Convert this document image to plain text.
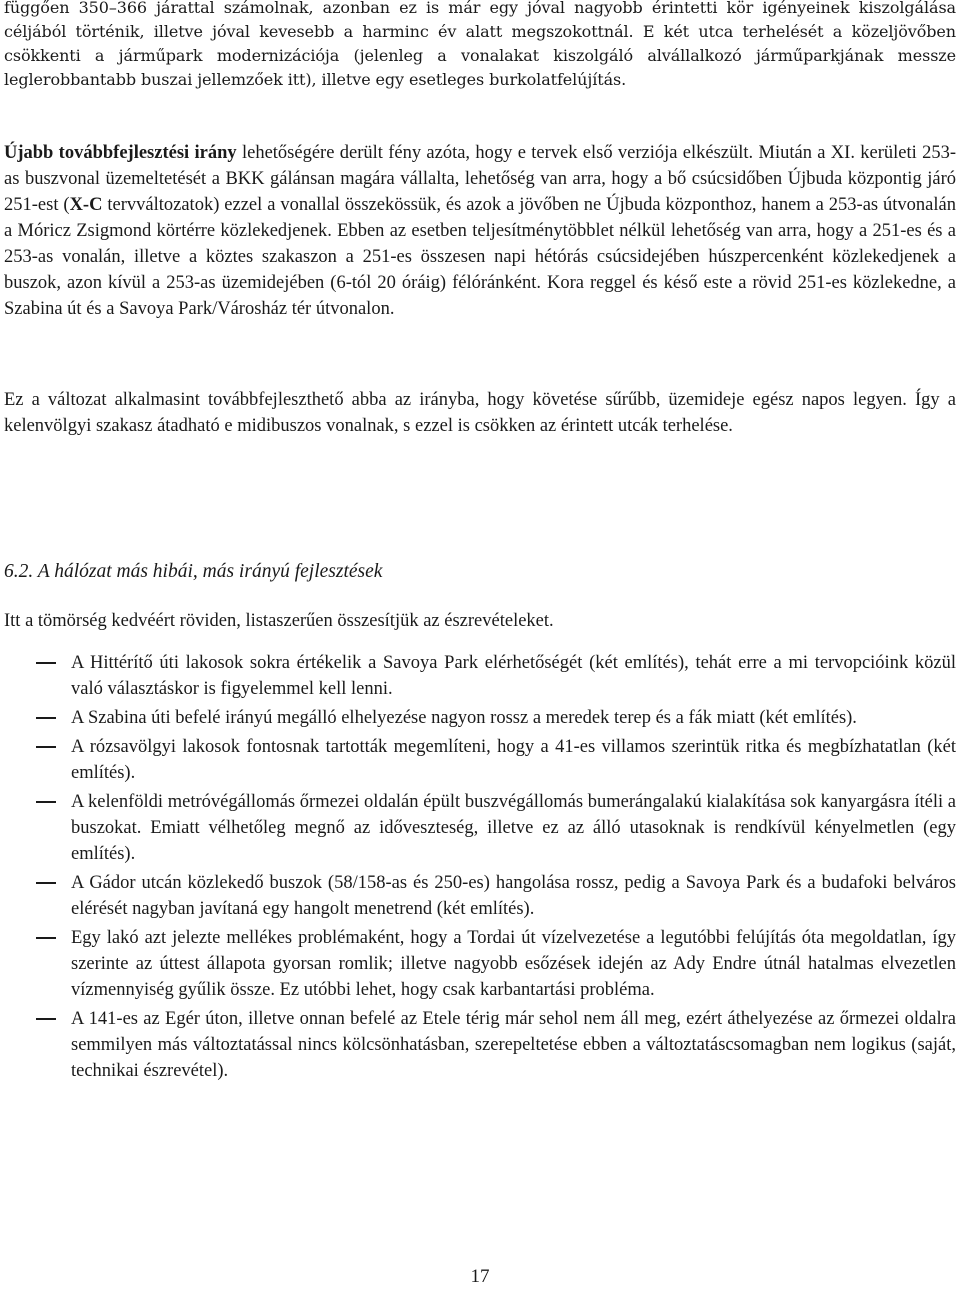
függően 350–366 járattal számolnak, azonban ez is már egy jóval nagyobb érintetti kör igényeinek kiszolgálása céljából történik, illetve jóval kevesebb a harminc év alatt megszokottnál. E két utca terhelését a közeljövőben csökkenti a járműpark modernizációja (jelenleg a vonalakat kiszolgáló alvállalkozó járműparkjának messze leglerobbantabb buszai jellemzőek itt), illetve egy esetleges burkolatfelújítás.

Újabb továbbfejlesztési irány lehetőségére derült fény azóta, hogy e tervek első verziója elkészült. Miután a XI. kerületi 253-as buszvonal üzemeltetését a BKK gálánsan magára vállalta, lehetőség van arra, hogy a bő csúcsidőben Újbuda központig járó 251-est (X-C tervváltozatok) ezzel a vonallal összekössük, és azok a jövőben ne Újbuda központhoz, hanem a 253-as útvonalán a Móricz Zsigmond körtérre közlekedjenek. Ebben az esetben teljesítménytöbblet nélkül lehetőség van arra, hogy a 251-es és a 253-as vonalán, illetve a köztes szakaszon a 251-es összesen napi hétórás csúcsidejében húszpercenként közlekedjenek a buszok, azon kívül a 253-as üzemidejében (6-tól 20 óráig) félóránként. Kora reggel és késő este a rövid 251-es közlekedne, a Szabina út és a Savoya Park/Városház tér útvonalon.

Ez a változat alkalmasint továbbfejleszthető abba az irányba, hogy követése sűrűbb, üzemideje egész napos legyen. Így a kelenvölgyi szakasz átadható e midibuszos vonalnak, s ezzel is csökken az érintett utcák terhelése.

6.2. A hálózat más hibái, más irányú fejlesztések

Itt a tömörség kedvéért röviden, listaszerűen összesítjük az észrevételeket.

A Hittérítő úti lakosok sokra értékelik a Savoya Park elérhetőségét (két említés), tehát erre a mi tervopcióink közül való választáskor is figyelemmel kell lenni.
A Szabina úti befelé irányú megálló elhelyezése nagyon rossz a meredek terep és a fák miatt (két említés).
A rózsavölgyi lakosok fontosnak tartották megemlíteni, hogy a 41-es villamos szerintük ritka és megbízhatatlan (két említés).
A kelenföldi metróvégállomás őrmezei oldalán épült buszvégállomás bumerángalakú kialakítása sok kanyargásra ítéli a buszokat. Emiatt vélhetőleg megnő az időveszteség, illetve ez az álló utasoknak is rendkívül kényelmetlen (egy említés).
A Gádor utcán közlekedő buszok (58/158-as és 250-es) hangolása rossz, pedig a Savoya Park és a budafoki belváros elérését nagyban javítaná egy hangolt menetrend (két említés).
Egy lakó azt jelezte mellékes problémaként, hogy a Tordai út vízelvezetése a legutóbbi felújítás óta megoldatlan, így szerinte az úttest állapota gyorsan romlik; illetve nagyobb esőzések idején az Ady Endre útnál hatalmas elvezetlen vízmennyiség gyűlik össze. Ez utóbbi lehet, hogy csak karbantartási probléma.
A 141-es az Egér úton, illetve onnan befelé az Etele térig már sehol nem áll meg, ezért áthelyezése az őrmezei oldalra semmilyen más változtatással nincs kölcsönhatásban, szerepeltetése ebben a változtatáscsomagban nem logikus (saját, technikai észrevétel).
17
